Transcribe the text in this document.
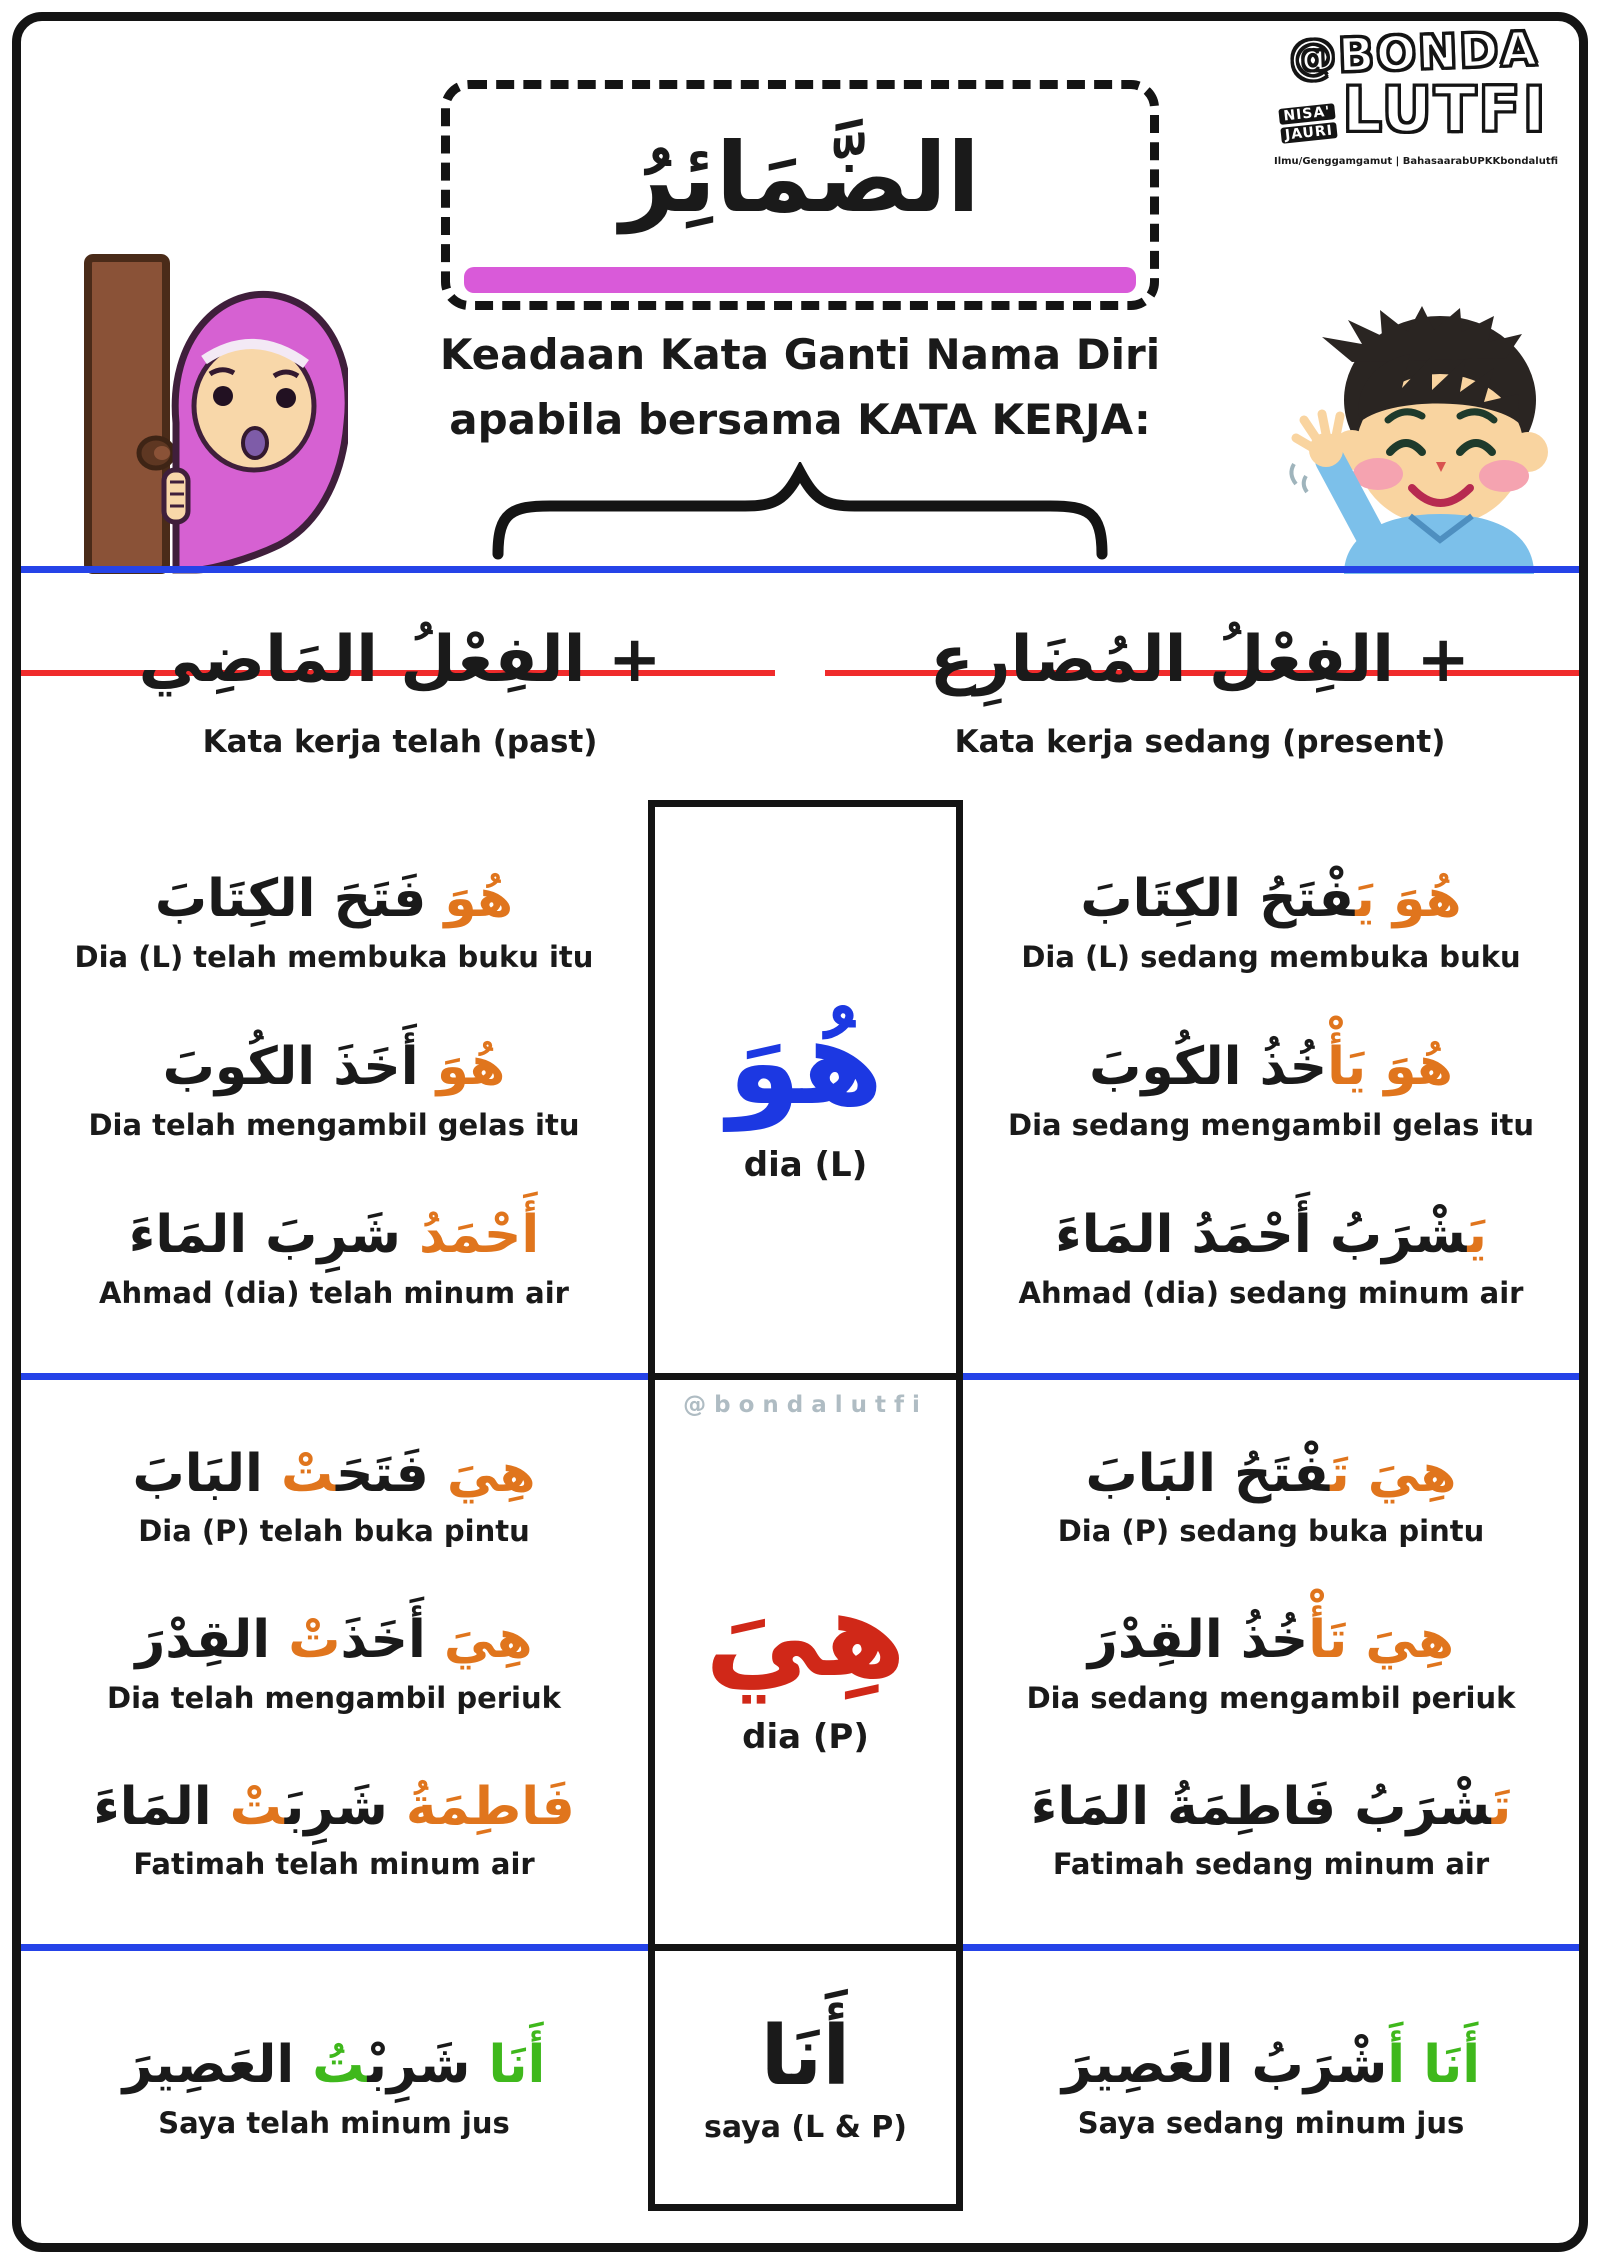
الضَّمَائِرُ
@BONDA
NISA'
JAURI LUTFI
Ilmu/Genggamgamut | BahasaarabUPKKbondalutfi
Keadaan Kata Ganti Nama Diri
apabila bersama KATA KERJA:
+ الفِعْلُ المَاضِي	+ الفِعْلُ المُضَارِع
Kata kerja telah (past)	Kata kerja sedang (present)
هُوَ فَتَحَ الكِتَابَ
Dia (L) telah membuka buku itu
هُوَ أَخَذَ الكُوبَ
Dia telah mengambil gelas itu
أَحْمَدُ شَرِبَ المَاءَ
Ahmad (dia) telah minum air
هِيَ فَتَحَتْ البَابَ
Dia (P) telah buka pintu
هِيَ أَخَذَتْ القِدْرَ
Dia telah mengambil periuk
فَاطِمَةُ شَرِبَتْ المَاءَ
Fatimah telah minum air
أَنَا شَرِبْتُ العَصِيرَ
Saya telah minum jus
هُوَ يَفْتَحُ الكِتَابَ
Dia (L) sedang membuka buku
هُوَ يَأْخُذُ الكُوبَ
Dia sedang mengambil gelas itu
يَشْرَبُ أَحْمَدُ المَاءَ
Ahmad (dia) sedang minum air
هِيَ تَفْتَحُ البَابَ
Dia (P) sedang buka pintu
هِيَ تَأْخُذُ القِدْرَ
Dia sedang mengambil periuk
تَشْرَبُ فَاطِمَةُ المَاءَ
Fatimah sedang minum air
أَنَا أَشْرَبُ العَصِيرَ
Saya sedang minum jus
هُوَ
dia (L)
@bondalutfi
هِيَ
dia (P)
أَنَا
saya (L & P)
